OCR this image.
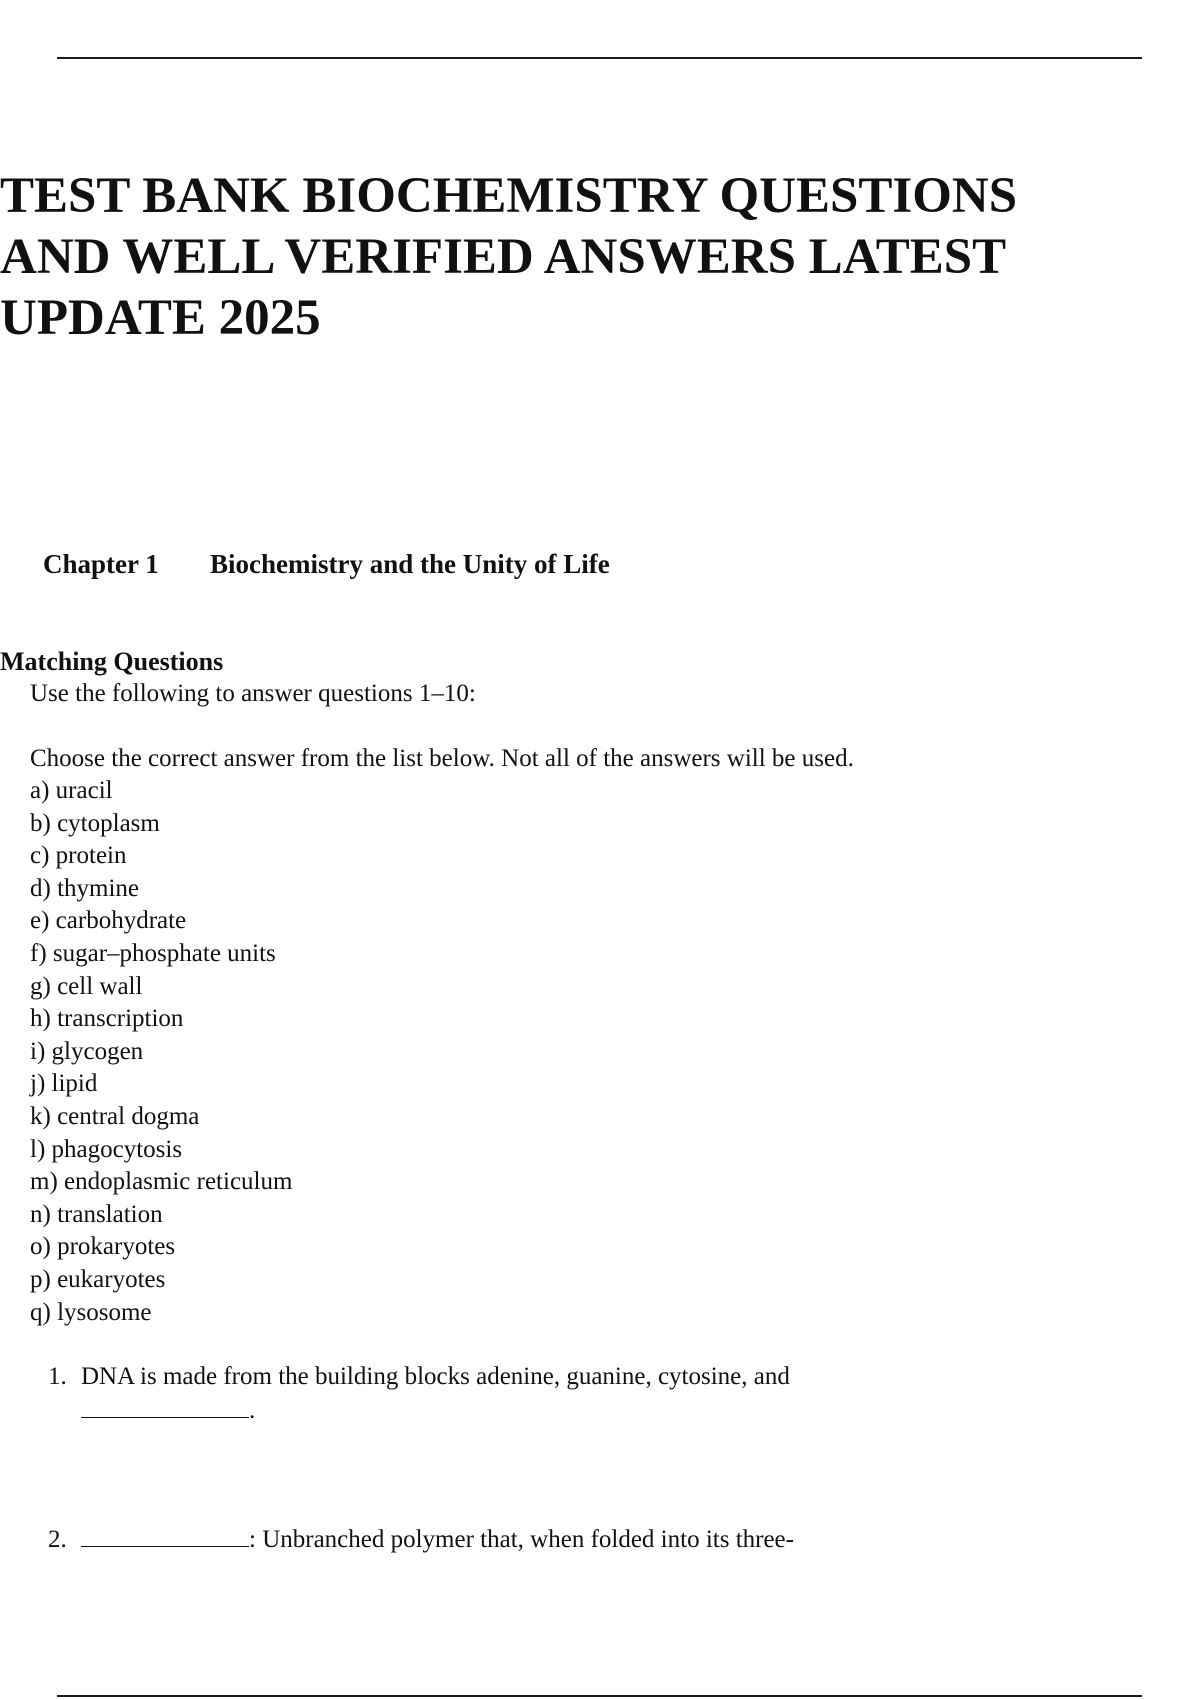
TEST BANK BIOCHEMISTRY QUESTIONS
AND WELL VERIFIED ANSWERS LATEST
UPDATE 2025
Chapter 1 Biochemistry and the Unity of Life
Matching Questions
Use the following to answer questions 1–10:
Choose the correct answer from the list below. Not all of the answers will be used.
a) uracil
b) cytoplasm
c) protein
d) thymine
e) carbohydrate
f) sugar–phosphate units
g) cell wall
h) transcription
i) glycogen
j) lipid
k) central dogma
l) phagocytosis
m) endoplasmic reticulum
n) translation
o) prokaryotes
p) eukaryotes
q) lysosome
1. DNA is made from the building blocks adenine, guanine, cytosine, and
.
2.	: Unbranched polymer that, when folded into its three-
